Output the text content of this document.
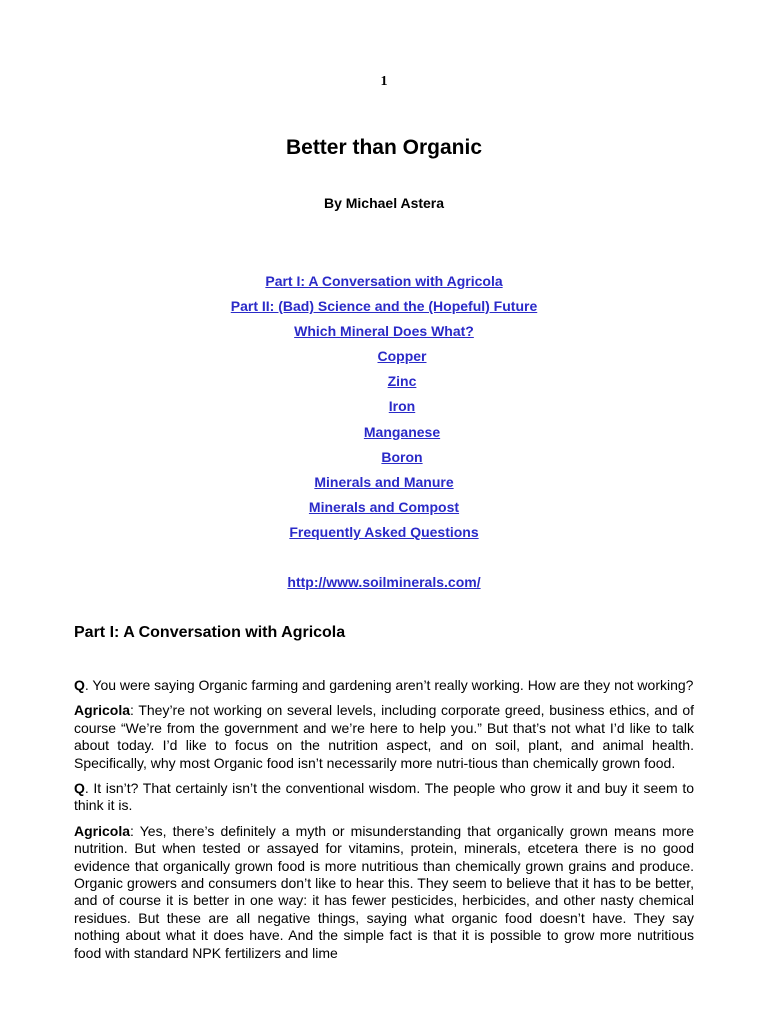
1
Better than Organic
By Michael Astera
Part I: A Conversation with Agricola
Part II: (Bad) Science and the (Hopeful) Future
Which Mineral Does What?
Copper
Zinc
Iron
Manganese
Boron
Minerals and Manure
Minerals and Compost
Frequently Asked Questions
http://www.soilminerals.com/
Part I: A Conversation with Agricola

Q. You were saying Organic farming and gardening aren’t really working. How are they not working?

Agricola: They’re not working on several levels, including corporate greed, business ethics, and of course “We’re from the government and we’re here to help you.” But that’s not what I’d like to talk about today. I’d like to focus on the nutrition aspect, and on soil, plant, and animal health. Specifically, why most Organic food isn’t necessarily more nutri-tious than chemically grown food.

Q. It isn’t? That certainly isn’t the conventional wisdom. The people who grow it and buy it seem to think it is.

Agricola: Yes, there’s definitely a myth or misunderstanding that organically grown means more nutrition. But when tested or assayed for vitamins, protein, minerals, etcetera there is no good evidence that organically grown food is more nutritious than chemically grown grains and produce. Organic growers and consumers don’t like to hear this. They seem to believe that it has to be better, and of course it is better in one way: it has fewer pesticides, herbicides, and other nasty chemical residues. But these are all negative things, saying what organic food doesn’t have. They say nothing about what it does have. And the simple fact is that it is possible to grow more nutritious food with standard NPK fertilizers and lime
